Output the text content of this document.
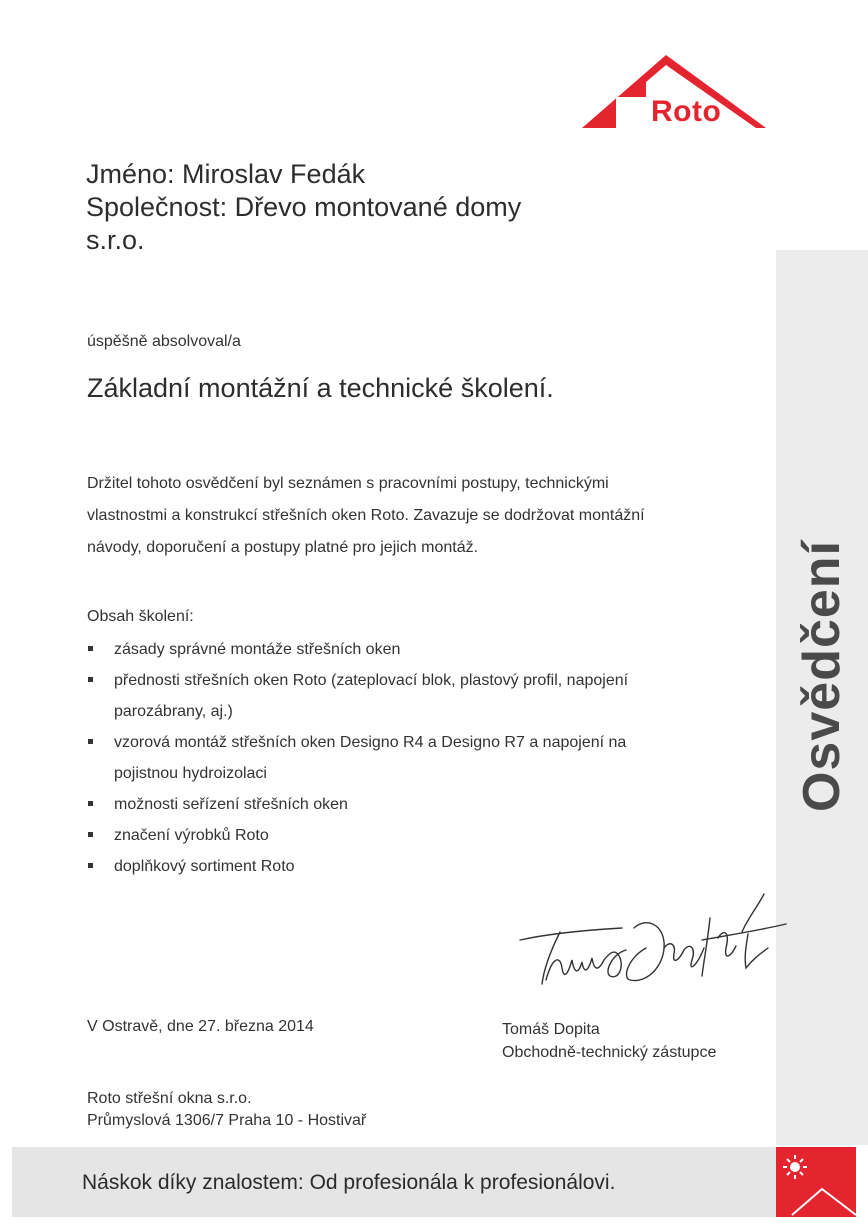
Roto
Jméno: Miroslav Fedák
Společnost: Dřevo montované domy
s.r.o.
Osvědčení
úspěšně absolvoval/a
Základní montážní a technické školení.
Držitel tohoto osvědčení byl seznámen s pracovními postupy, technickými
vlastnostmi a konstrukcí střešních oken Roto. Zavazuje se dodržovat montážní
návody, doporučení a postupy platné pro jejich montáž.
Obsah školení:
zásady správné montáže střešních oken
přednosti střešních oken Roto (zateplovací blok, plastový profil, napojení
parozábrany, aj.)
vzorová montáž střešních oken Designo R4 a Designo R7 a napojení na
pojistnou hydroizolaci
možnosti seřízení střešních oken
značení výrobků Roto
doplňkový sortiment Roto
V Ostravě, dne 27. března 2014	Tomáš Dopita
Obchodně-technický zástupce
Roto střešní okna s.r.o.
Průmyslová 1306/7 Praha 10 - Hostivař
Náskok díky znalostem: Od profesionála k profesionálovi.
